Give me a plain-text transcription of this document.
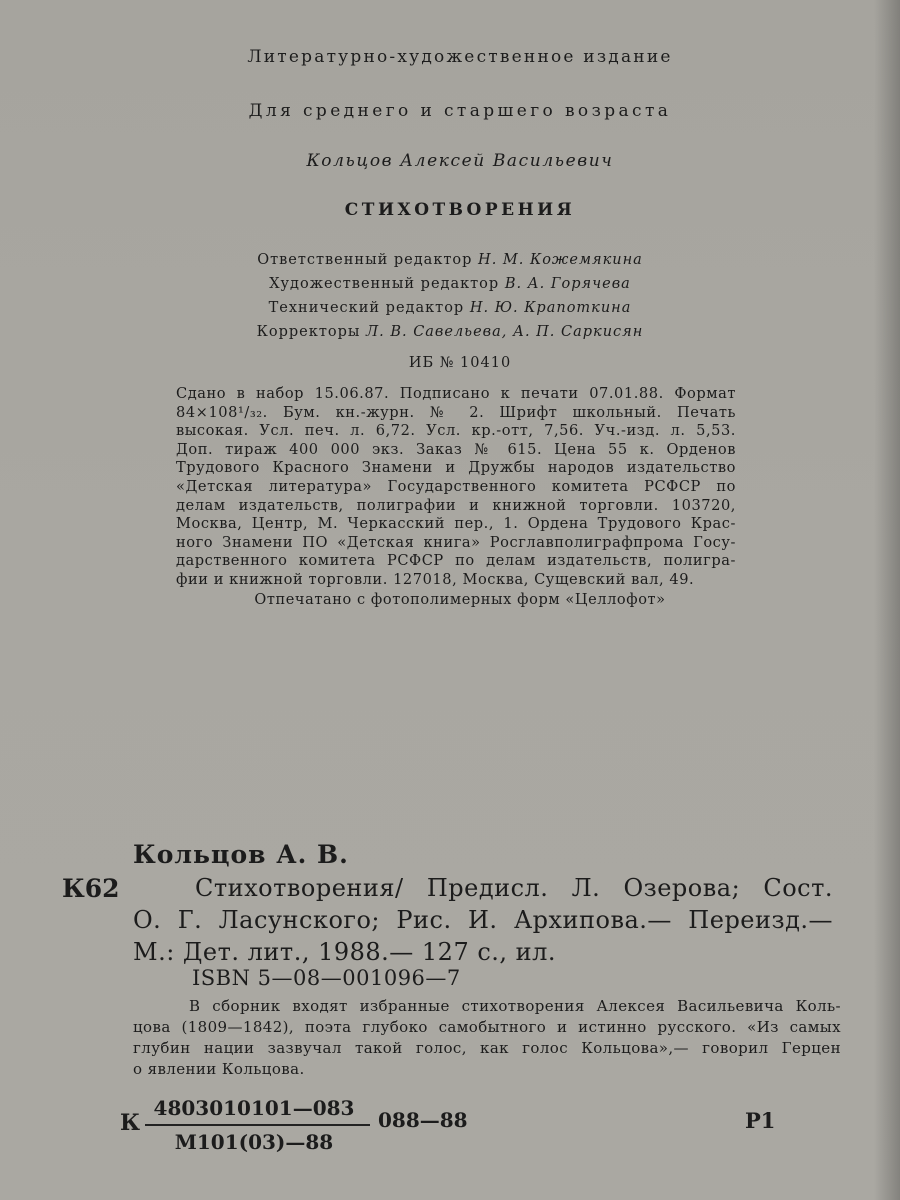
Литературно-художественное издание
Для среднего и старшего возраста
Кольцов Алексей Васильевич
СТИХОТВОРЕНИЯ
Ответственный редактор Н. М. Кожемякина
Художественный редактор В. А. Горячева
Технический редактор Н. Ю. Крапоткина
Корректоры Л. В. Савельева, А. П. Саркисян
ИБ № 10410
Сдано в набор 15.06.87. Подписано к печати 07.01.88. Формат
84×108¹/₃₂. Бум. кн.-журн. № 2. Шрифт школьный. Печать
высокая. Усл. печ. л. 6,72. Усл. кр.-отт, 7,56. Уч.-изд. л. 5,53.
Доп. тираж 400 000 экз. Заказ № 615. Цена 55 к. Орденов
Трудового Красного Знамени и Дружбы народов издательство
«Детская литература» Государственного комитета РСФСР по
делам издательств, полиграфии и книжной торговли. 103720,
Москва, Центр, М. Черкасский пер., 1. Ордена Трудового Крас-
ного Знамени ПО «Детская книга» Росглавполиграфпрома Госу-
дарственного комитета РСФСР по делам издательств, полигра-
фии и книжной торговли. 127018, Москва, Сущевский вал, 49.
Отпечатано с фотополимерных форм «Целлофот»
Кольцов А. В.
К62	Стихотворения/ Предисл. Л. Озерова; Сост.
О. Г. Ласунского; Рис. И. Архипова.— Переизд.—
М.: Дет. лит., 1988.— 127 с., ил.
ISBN 5—08—001096—7
В сборник входят избранные стихотворения Алексея Васильевича Коль-
цова (1809—1842), поэта глубоко самобытного и истинно русского. «Из самых
глубин нации зазвучал такой голос, как голос Кольцова»,— говорил Герцен
о явлении Кольцова.
К
4803010101—083
М101(03)—88
088—88	Р1
